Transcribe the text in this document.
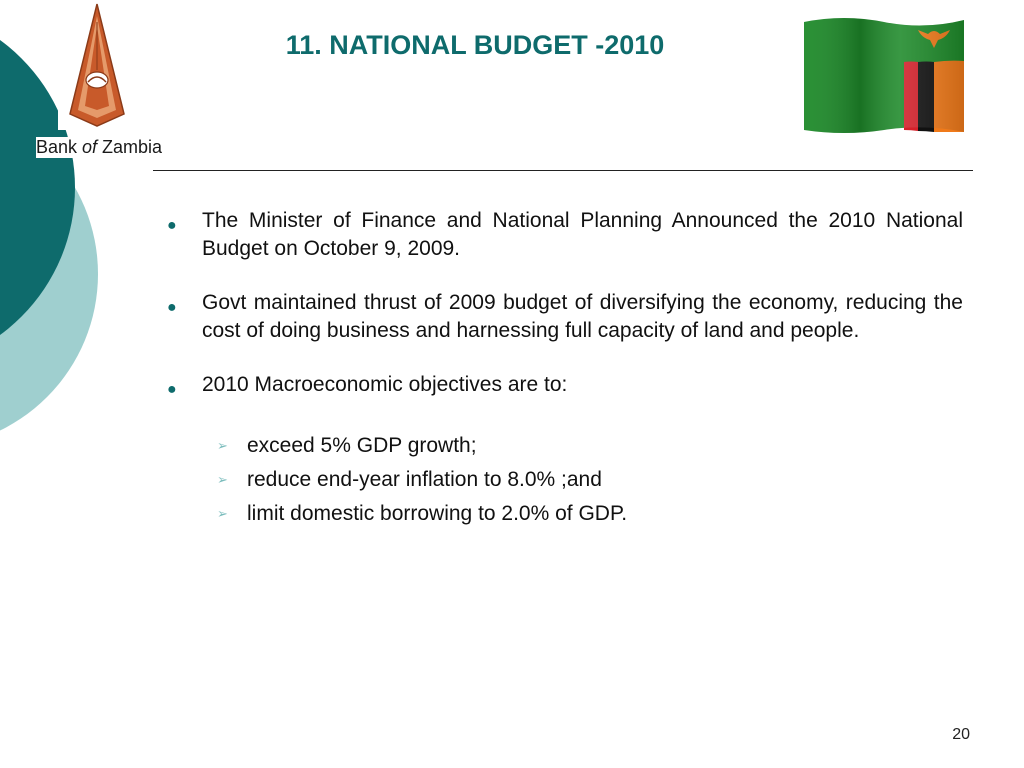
Bank of Zambia
11. NATIONAL BUDGET -2010
● The Minister of Finance and National Planning Announced the 2010 National Budget on October 9, 2009.
● Govt maintained thrust of 2009 budget of diversifying the economy, reducing the cost of doing business and harnessing full capacity of land and people.
● 2010 Macroeconomic objectives are to:
➢ exceed 5% GDP growth;
➢ reduce end-year inflation to 8.0% ;and
➢ limit domestic borrowing to 2.0% of GDP.
20
